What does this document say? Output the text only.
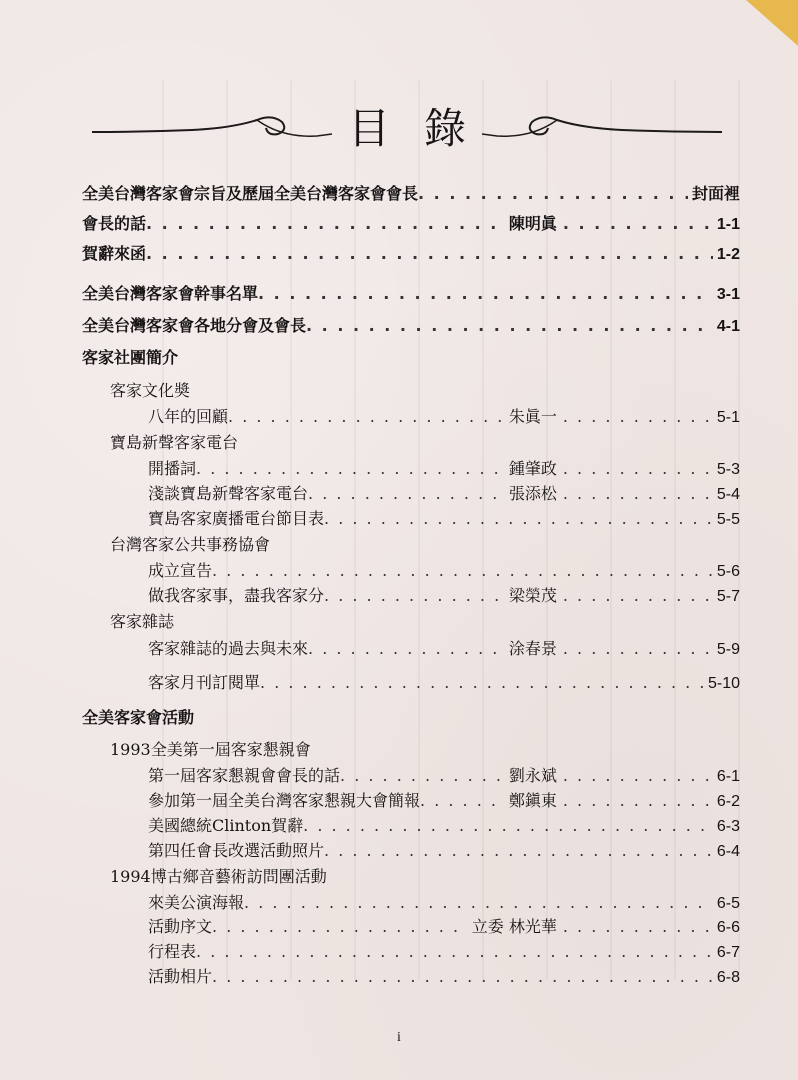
目錄
全美台灣客家會宗旨及歷屆全美台灣客家會會長 . . .	封面裡
會長的話 . . .	陳明眞 . . .	1-1
賀辭來函 . . .	1-2
全美台灣客家會幹事名單 . . .	3-1
全美台灣客家會各地分會及會長 . . .	4-1
客家社團簡介
客家文化奬
八年的回顧 . . .	朱眞一 . . .	5-1
寶島新聲客家電台
開播詞 . . .	鍾肇政 . . .	5-3
淺談寶島新聲客家電台 . . .	張添松 . . .	5-4
寶島客家廣播電台節目表 . . .	5-5
台灣客家公共事務協會
成立宣告 . . .	5-6
做我客家事，盡我客家分 . . .	梁榮茂 . . .	5-7
客家雜誌
客家雜誌的過去與未來 . . .	涂春景 . . .	5-9
客家月刊訂閱單 . . .	5-10
全美客家會活動
1993全美第一屆客家懇親會
第一屆客家懇親會會長的話 . . .	劉永斌 . . .	6-1
參加第一屆全美台灣客家懇親大會簡報 . . .	鄭鎭東 . . .	6-2
美國總統Clinton賀辭 . . .	6-3
第四任會長改選活動照片 . . .	6-4
1994博古鄉音藝術訪問團活動
來美公演海報 . . .	6-5
活動序文 . . .	立委 林光華 . . .	6-6
行程表 . . .	6-7
活動相片 . . .	6-8
i
